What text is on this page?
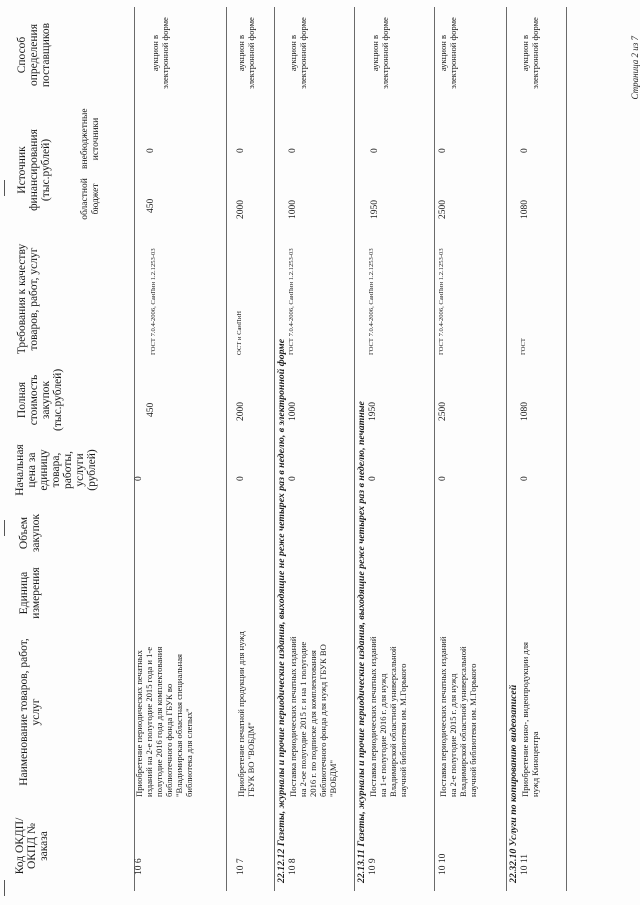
Код ОКДП/ ОКПД № заказа
Наименование товаров, работ, услуг
Единица измерения
Объем закупок
Начальная цена за единицу товара, работы, услуги (рублей)
Полная стоимость закупок (тыс.рублей)
Требования к качеству товаров, работ, услуг
Источник финансирования (тыс.рублей)	областной бюджет
внебюджетные источники
Способ определения поставщиков
10 6
Приобретение периодических печатных изданий на 2-е полугодие 2015 года и 1-е полугодие 2016 года для комплектования библиотечного фонда ГБУК во "Владимирская областная специальная библиотека для слепых"
0
450
ГОСТ 7.0.4-2006, СанПин 1.2.1253-03
450
0
аукцион в электронной форме
10 7
Приобретение печатной продукции для нужд ГБУК ВО "ВОБДМ"
0
2000
ОСТ и СанПиН
2000
0
аукцион в электронной форме
22.12.12 Газеты, журналы и прочие периодические издания, выходящие не реже четырех раз в неделю, в электронной форме 10 8
Поставка периодических печатных изданий на 2-ое полугодие 2015 г. и на 1 полугодие 2016 г. по подписке для комплектования библиотечного фонда для нужд ГБУК ВО "ВОБДМ"
0
1000
ГОСТ 7.0.4-2006, СанПин 1.2.1253-03
1000
0
аукцион в электронной форме
22.13.11 Газеты, журналы и прочие периодические издания, выходящие реже четырех раз в неделю, печатные 10 9
Поставка периодических печатных изданий на 1-е полугодие 2016 г. для нужд Владимирской областной универсальной научной библиотеки им. М.Горького
0
1950
ГОСТ 7.0.4-2006, СанПин 1.2.1253-03
1950
0
аукцион в электронной форме
10 10
Поставка периодических печатных изданий на 2-е полугодие 2015 г. для нужд Владимирской областной универсальной научной библиотеки им. М.Горького
0
2500
ГОСТ 7.0.4-2006, СанПин 1.2.1253-03
2500
0
аукцион в электронной форме
22.32.10 Услуги по копированию видеозаписей 10 11
Приобретение кино-, видеопродукции для нужд Киноцентра
0
1080
ГОСТ
1080
0
аукцион в электронной форме	Страница 2 из 7
